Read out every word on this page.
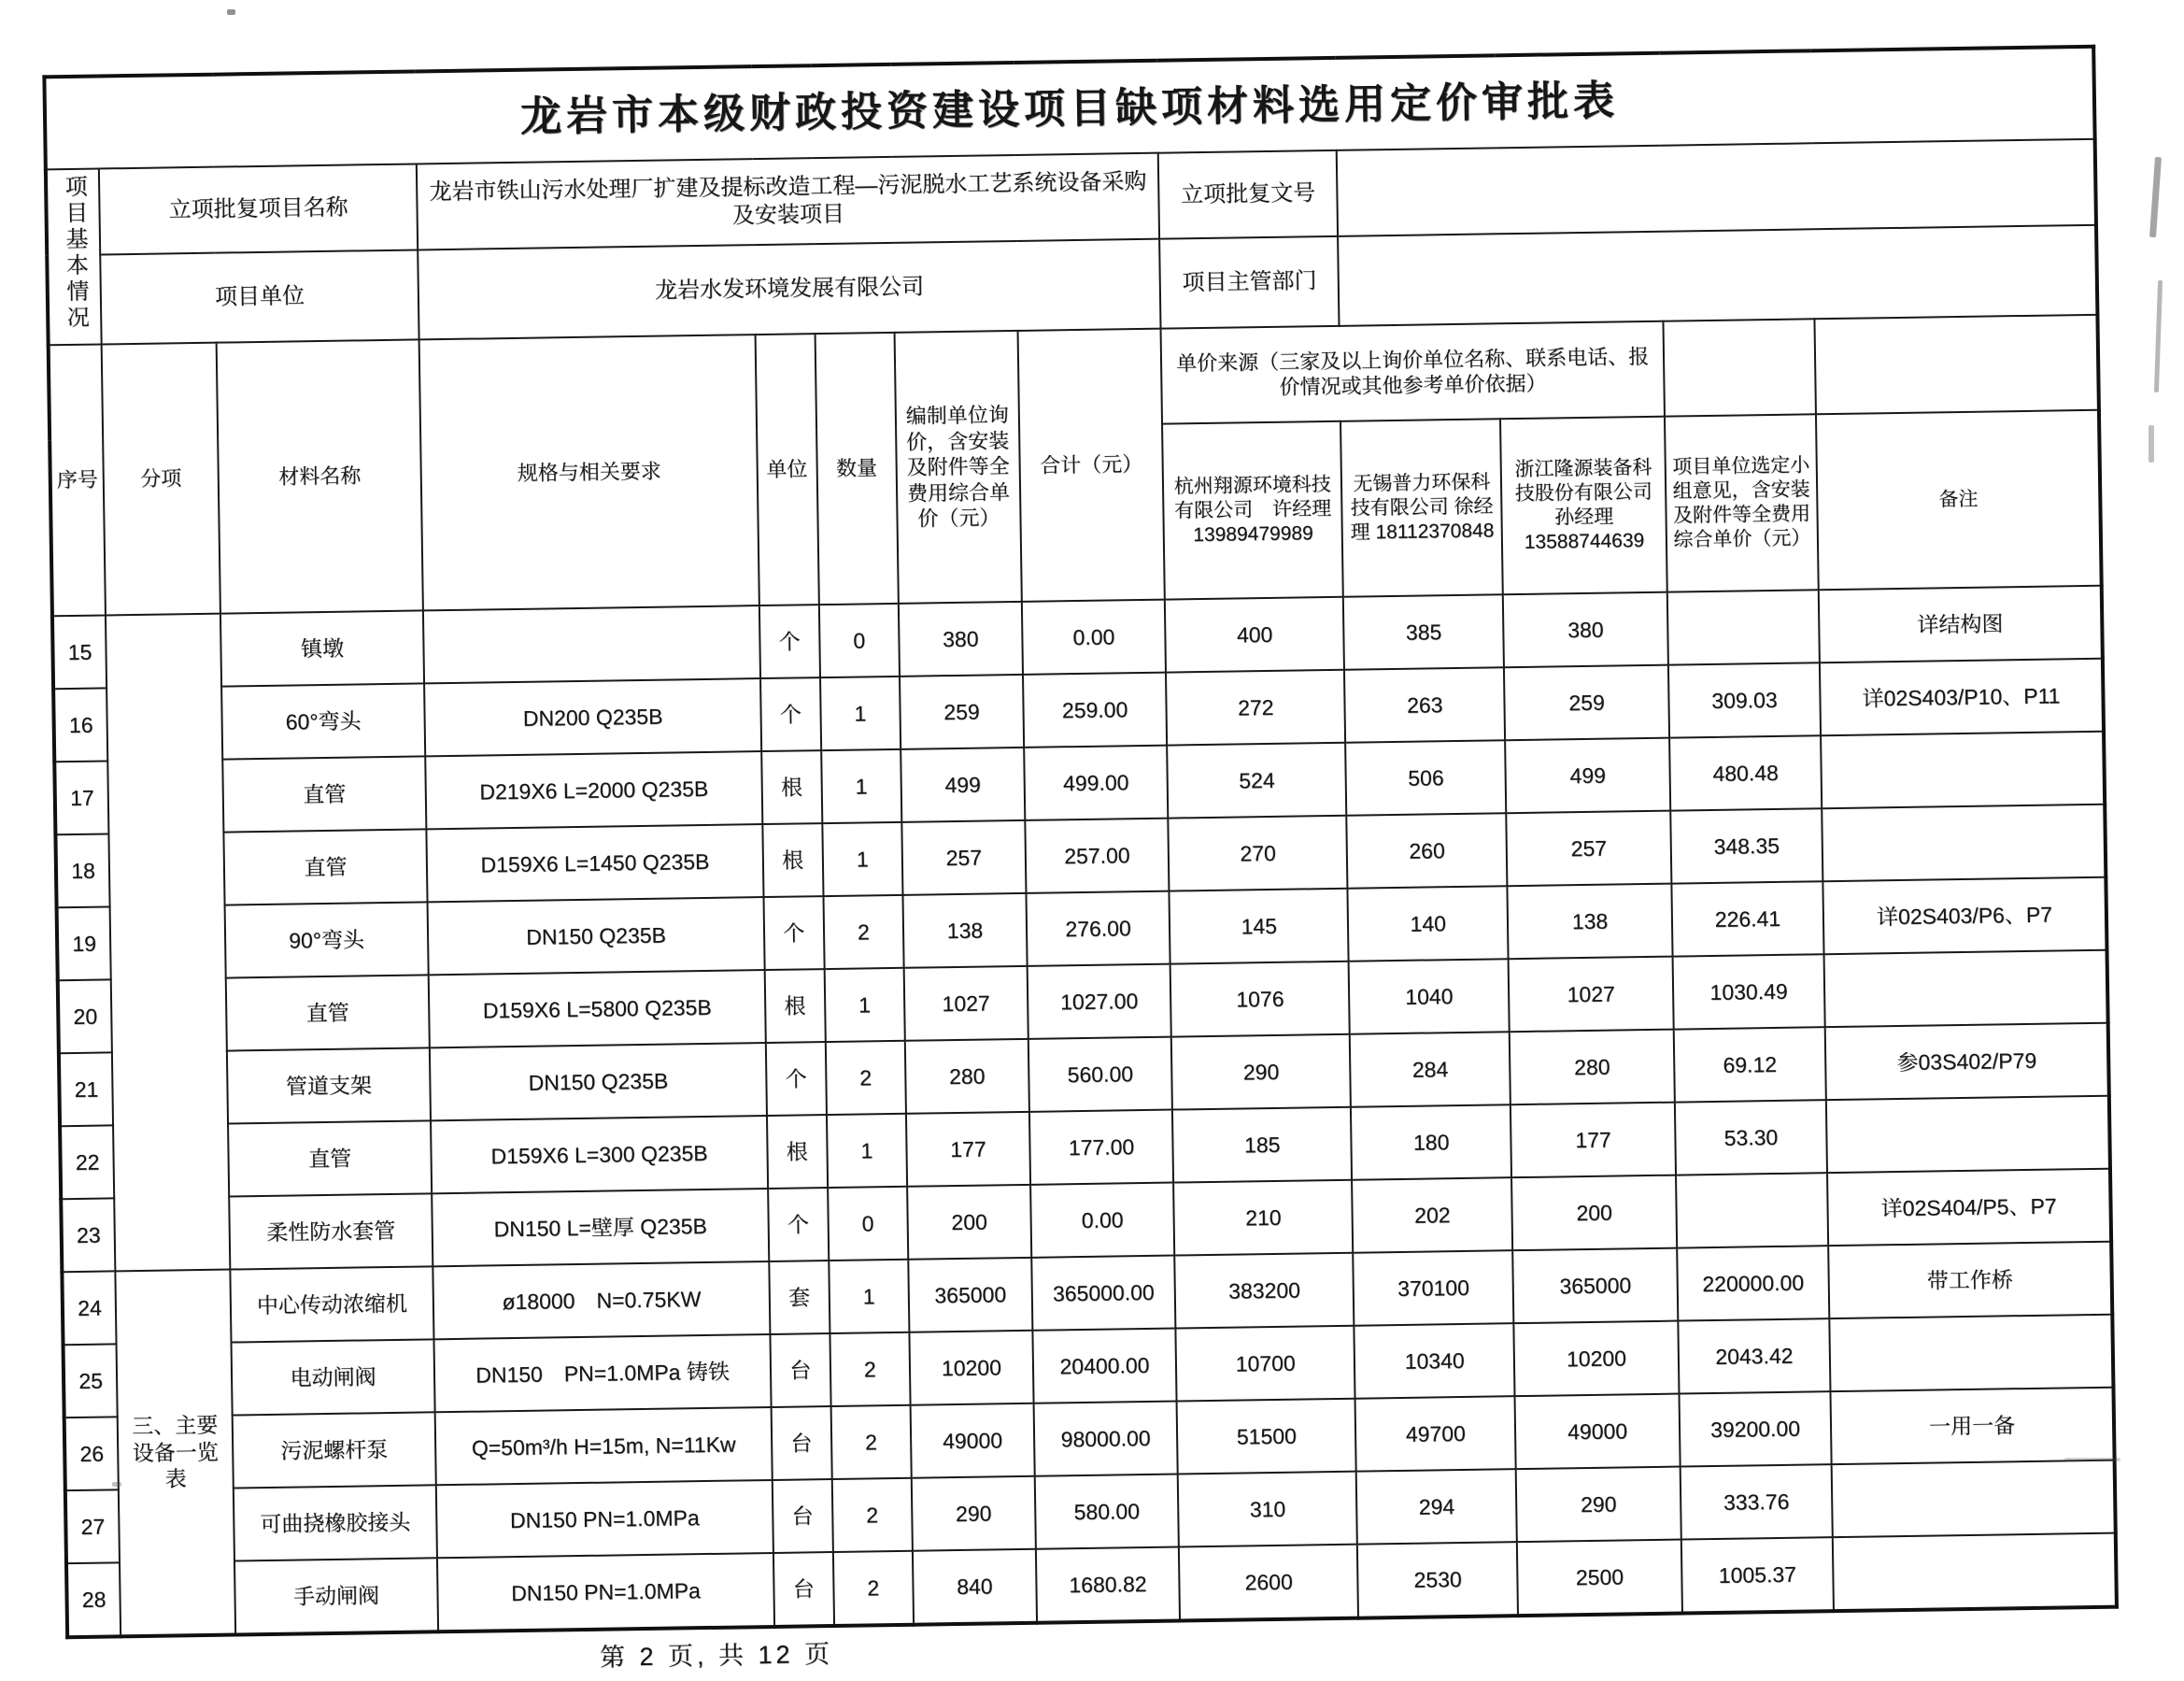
龙岩市本级财政投资建设项目缺项材料选用定价审批表												
项目基本情况	立项批复项目名称		龙岩市铁山污水处理厂扩建及提标改造工程—污泥脱水工艺系统设备采购及安装项目					立项批复文号				
	项目单位		龙岩水发环境发展有限公司					项目主管部门				
序号	分项	材料名称	规格与相关要求	单位	数量	编制单位询价，含安装及附件等全费用综合单价（元）	合计（元）	单价来源（三家及以上询价单位名称、联系电话、报价情况或其他参考单价依据）				
								杭州翔源环境科技有限公司　许经理 13989479989	无锡普力环保科技有限公司 徐经理 18112370848	浙江隆源装备科技股份有限公司 孙经理 13588744639	项目单位选定小组意见，含安装及附件等全费用综合单价（元）	备注
15		镇墩		个	0	380	0.00	400	385	380		详结构图
16		60°弯头	DN200 Q235B	个	1	259	259.00	272	263	259	309.03	详02S403/P10、P11
17		直管	D219X6 L=2000 Q235B	根	1	499	499.00	524	506	499	480.48	
18		直管	D159X6 L=1450 Q235B	根	1	257	257.00	270	260	257	348.35	
19		90°弯头	DN150 Q235B	个	2	138	276.00	145	140	138	226.41	详02S403/P6、P7
20		直管	D159X6 L=5800 Q235B	根	1	1027	1027.00	1076	1040	1027	1030.49	
21		管道支架	DN150 Q235B	个	2	280	560.00	290	284	280	69.12	参03S402/P79
22		直管	D159X6 L=300 Q235B	根	1	177	177.00	185	180	177	53.30	
23		柔性防水套管	DN150 L=壁厚 Q235B	个	0	200	0.00	210	202	200		详02S404/P5、P7
24	三、主要设备一览表	中心传动浓缩机	ø18000　N=0.75KW	套	1	365000	365000.00	383200	370100	365000	220000.00	带工作桥
25		电动闸阀	DN150　PN=1.0MPa 铸铁	台	2	10200	20400.00	10700	10340	10200	2043.42	
26		污泥螺杆泵	Q=50m³/h H=15m, N=11Kw	台	2	49000	98000.00	51500	49700	49000	39200.00	一用一备
27		可曲挠橡胶接头	DN150 PN=1.0MPa	台	2	290	580.00	310	294	290	333.76	
28		手动闸阀	DN150 PN=1.0MPa	台	2	840	1680.82	2600	2530	2500	1005.37	
第 2 页, 共 12 页
